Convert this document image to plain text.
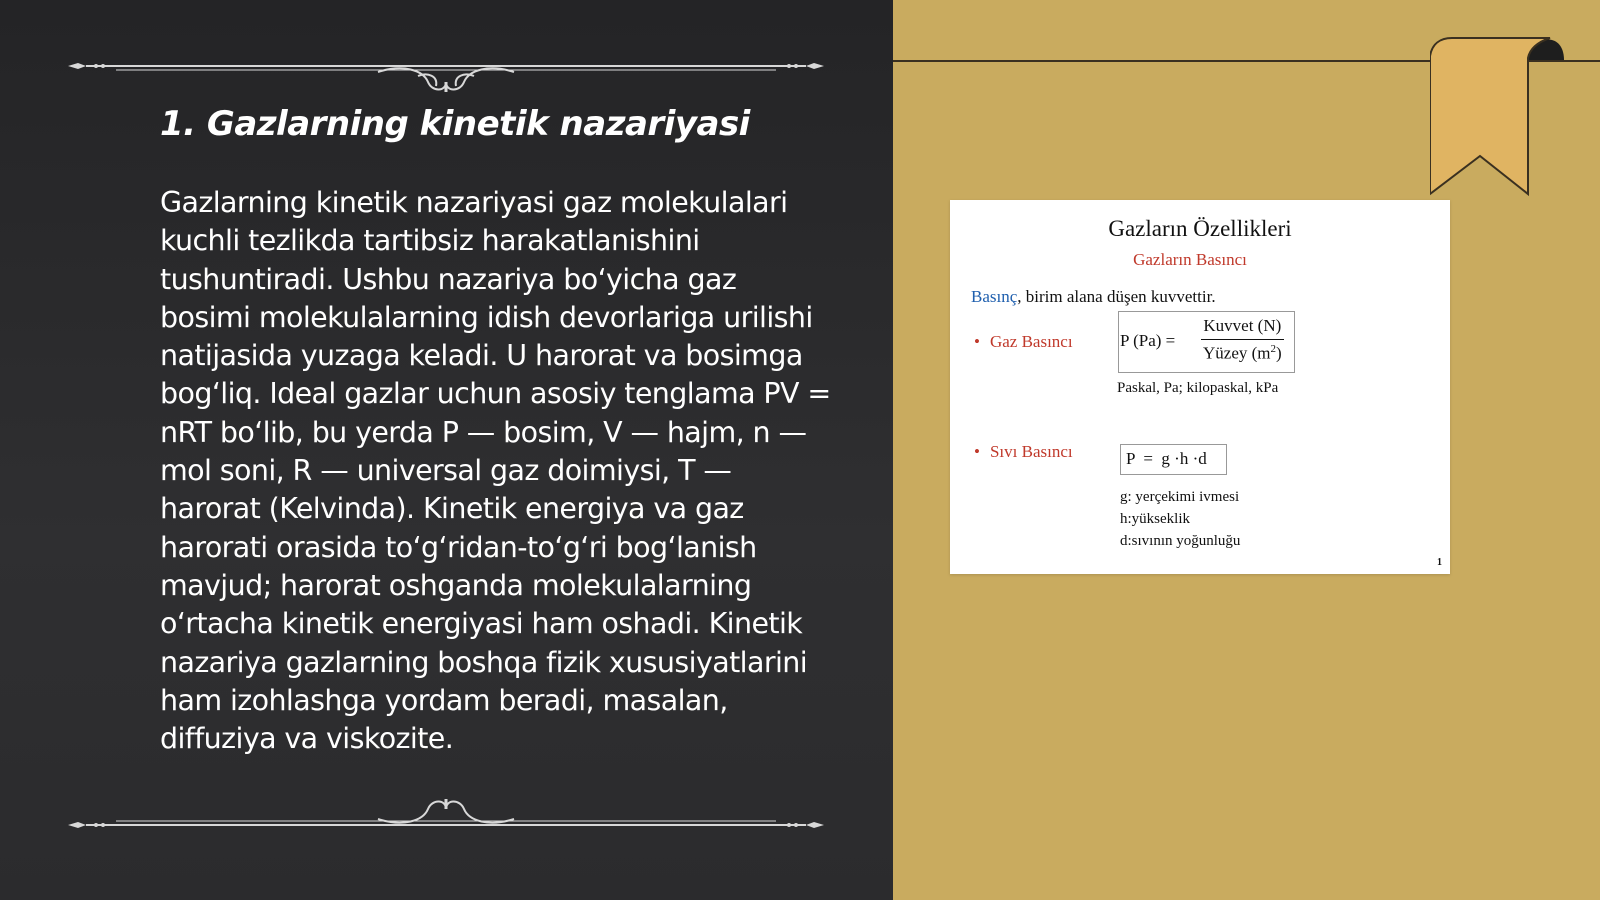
1. Gazlarning kinetik nazariyasi
Gazlarning kinetik nazariyasi gaz molekulalari kuchli tezlikda tartibsiz harakatlanishini tushuntiradi. Ushbu nazariya bo‘yicha gaz bosimi molekulalarning idish devorlariga urilishi natijasida yuzaga keladi. U harorat va bosimga bog‘liq. Ideal gazlar uchun asosiy tenglama PV = nRT bo‘lib, bu yerda P — bosim, V — hajm, n — mol soni, R — universal gaz doimiysi, T — harorat (Kelvinda). Kinetik energiya va gaz harorati orasida to‘g‘ridan-to‘g‘ri bog‘lanish mavjud; harorat oshganda molekulalarning o‘rtacha kinetik energiyasi ham oshadi. Kinetik nazariya gazlarning boshqa fizik xususiyatlarini ham izohlashga yordam beradi, masalan, diffuziya va viskozite.
Gazların Özellikleri
Gazların Basıncı
Basınç, birim alana düşen kuvvettir.
• Gaz Basıncı	P (Pa) =
Kuvvet (N)
Yüzey $(m^2)$
Paskal, Pa; kilopaskal, kPa
• Sıvı Basıncı	P  =  g ·h ·d
g: yerçekimi ivmesi
h:yükseklik
d:sıvının yoğunluğu
1
